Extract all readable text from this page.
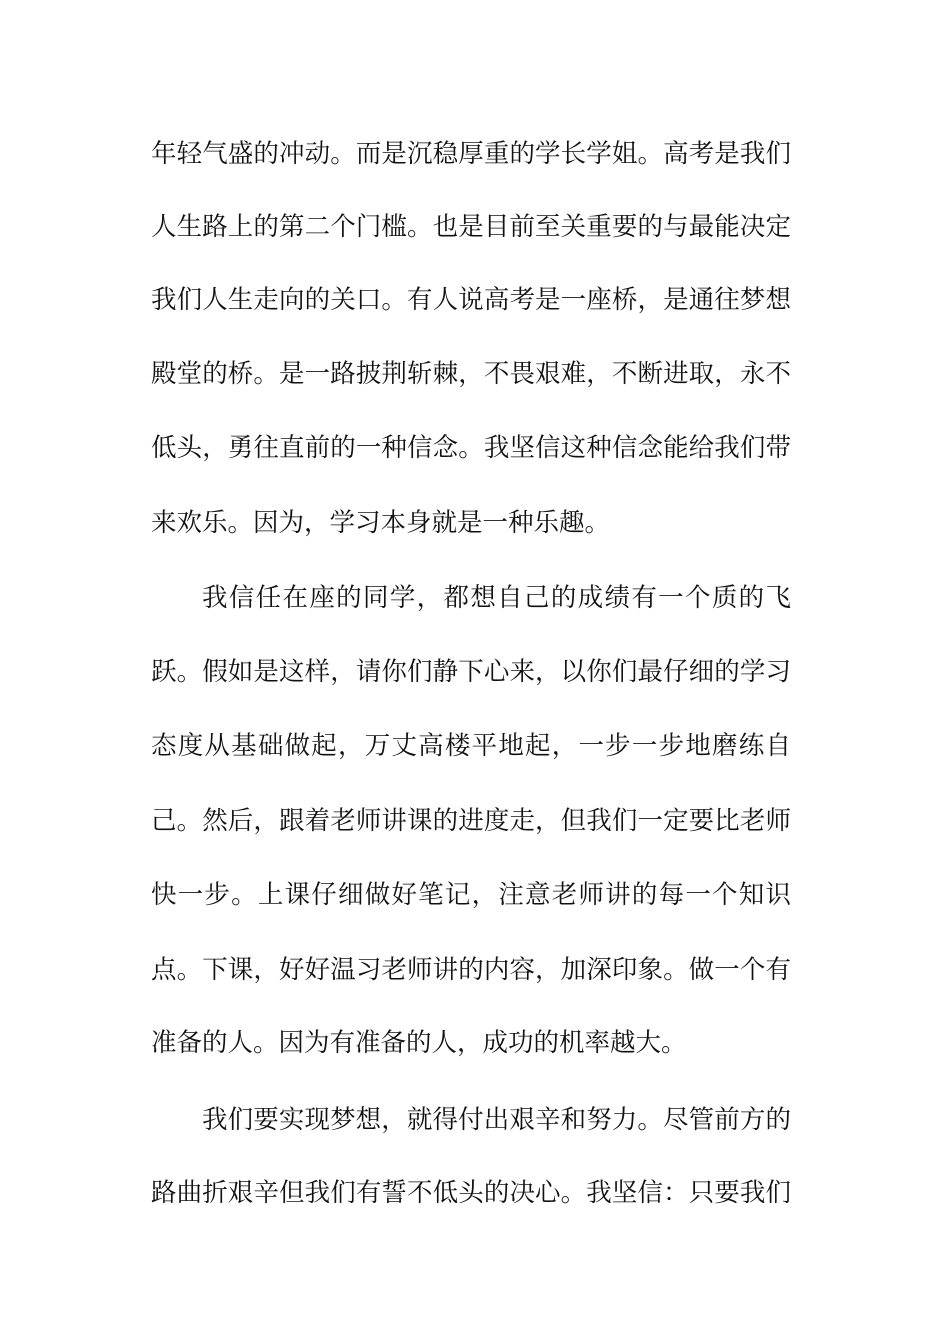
年轻气盛的冲动。而是沉稳厚重的学长学姐。高考是我们
人生路上的第二个门槛。也是目前至关重要的与最能决定
我们人生走向的关口。有人说高考是一座桥，是通往梦想
殿堂的桥。是一路披荆斩棘，不畏艰难，不断进取，永不
低头，勇往直前的一种信念。我坚信这种信念能给我们带
来欢乐。因为，学习本身就是一种乐趣。
我信任在座的同学，都想自己的成绩有一个质的飞
跃。假如是这样，请你们静下心来，以你们最仔细的学习
态度从基础做起，万丈高楼平地起，一步一步地磨练自
己。然后，跟着老师讲课的进度走，但我们一定要比老师
快一步。上课仔细做好笔记，注意老师讲的每一个知识
点。下课，好好温习老师讲的内容，加深印象。做一个有
准备的人。因为有准备的人，成功的机率越大。
我们要实现梦想，就得付出艰辛和努力。尽管前方的
路曲折艰辛但我们有誓不低头的决心。我坚信：只要我们
